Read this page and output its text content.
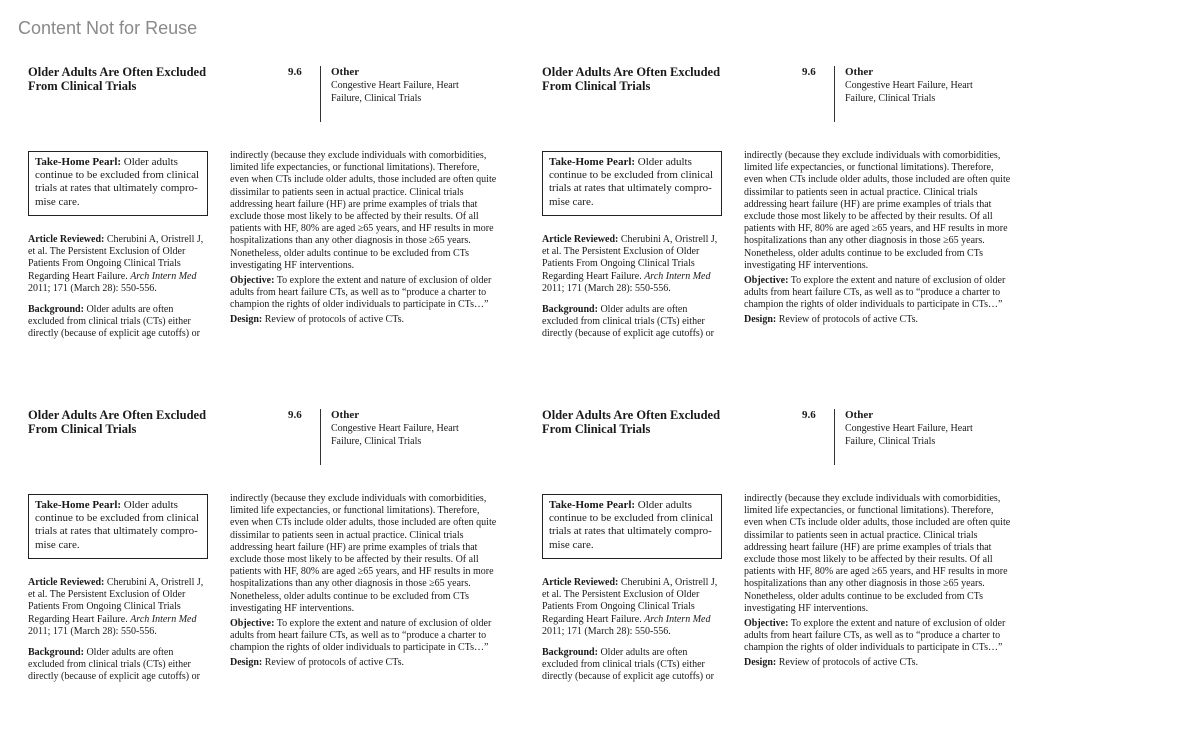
Content Not for Reuse
Older Adults Are Often Excluded From Clinical Trials
9.6	Other
Congestive Heart Failure, Heart Failure, Clinical Trials
Take-Home Pearl: Older adults continue to be excluded from clinical trials at rates that ultimately compro-mise care.

Article Reviewed: Cherubini A, Oristrell J, et al. The Persistent Exclusion of Older Patients From Ongoing Clinical Trials Regarding Heart Failure. Arch Intern Med 2011; 171 (March 28): 550-556.

Background: Older adults are often excluded from clinical trials (CTs) either directly (because of explicit age cutoffs) or

indirectly (because they exclude individuals with comorbidities, limited life expectancies, or functional limitations). Therefore, even when CTs include older adults, those included are often quite dissimilar to patients seen in actual practice. Clinical trials addressing heart failure (HF) are prime examples of trials that exclude those most likely to be affected by their results. Of all patients with HF, 80% are aged ≥65 years, and HF results in more hospitalizations than any other diagnosis in those ≥65 years. Nonetheless, older adults continue to be excluded from CTs investigating HF interventions.

Objective: To explore the extent and nature of exclusion of older adults from heart failure CTs, as well as to “produce a charter to champion the rights of older individuals to participate in CTs…”

Design: Review of protocols of active CTs.

Older Adults Are Often Excluded From Clinical Trials
9.6	Other
Congestive Heart Failure, Heart Failure, Clinical Trials
Take-Home Pearl: Older adults continue to be excluded from clinical trials at rates that ultimately compro-mise care.

Article Reviewed: Cherubini A, Oristrell J, et al. The Persistent Exclusion of Older Patients From Ongoing Clinical Trials Regarding Heart Failure. Arch Intern Med 2011; 171 (March 28): 550-556.

Background: Older adults are often excluded from clinical trials (CTs) either directly (because of explicit age cutoffs) or

indirectly (because they exclude individuals with comorbidities, limited life expectancies, or functional limitations). Therefore, even when CTs include older adults, those included are often quite dissimilar to patients seen in actual practice. Clinical trials addressing heart failure (HF) are prime examples of trials that exclude those most likely to be affected by their results. Of all patients with HF, 80% are aged ≥65 years, and HF results in more hospitalizations than any other diagnosis in those ≥65 years. Nonetheless, older adults continue to be excluded from CTs investigating HF interventions.

Objective: To explore the extent and nature of exclusion of older adults from heart failure CTs, as well as to “produce a charter to champion the rights of older individuals to participate in CTs…”

Design: Review of protocols of active CTs.

Older Adults Are Often Excluded From Clinical Trials
9.6	Other
Congestive Heart Failure, Heart Failure, Clinical Trials
Take-Home Pearl: Older adults continue to be excluded from clinical trials at rates that ultimately compro-mise care.

Article Reviewed: Cherubini A, Oristrell J, et al. The Persistent Exclusion of Older Patients From Ongoing Clinical Trials Regarding Heart Failure. Arch Intern Med 2011; 171 (March 28): 550-556.

Background: Older adults are often excluded from clinical trials (CTs) either directly (because of explicit age cutoffs) or

indirectly (because they exclude individuals with comorbidities, limited life expectancies, or functional limitations). Therefore, even when CTs include older adults, those included are often quite dissimilar to patients seen in actual practice. Clinical trials addressing heart failure (HF) are prime examples of trials that exclude those most likely to be affected by their results. Of all patients with HF, 80% are aged ≥65 years, and HF results in more hospitalizations than any other diagnosis in those ≥65 years. Nonetheless, older adults continue to be excluded from CTs investigating HF interventions.

Objective: To explore the extent and nature of exclusion of older adults from heart failure CTs, as well as to “produce a charter to champion the rights of older individuals to participate in CTs…”

Design: Review of protocols of active CTs.

Older Adults Are Often Excluded From Clinical Trials
9.6	Other
Congestive Heart Failure, Heart Failure, Clinical Trials
Take-Home Pearl: Older adults continue to be excluded from clinical trials at rates that ultimately compro-mise care.

Article Reviewed: Cherubini A, Oristrell J, et al. The Persistent Exclusion of Older Patients From Ongoing Clinical Trials Regarding Heart Failure. Arch Intern Med 2011; 171 (March 28): 550-556.

Background: Older adults are often excluded from clinical trials (CTs) either directly (because of explicit age cutoffs) or

indirectly (because they exclude individuals with comorbidities, limited life expectancies, or functional limitations). Therefore, even when CTs include older adults, those included are often quite dissimilar to patients seen in actual practice. Clinical trials addressing heart failure (HF) are prime examples of trials that exclude those most likely to be affected by their results. Of all patients with HF, 80% are aged ≥65 years, and HF results in more hospitalizations than any other diagnosis in those ≥65 years. Nonetheless, older adults continue to be excluded from CTs investigating HF interventions.

Objective: To explore the extent and nature of exclusion of older adults from heart failure CTs, as well as to “produce a charter to champion the rights of older individuals to participate in CTs…”

Design: Review of protocols of active CTs.
